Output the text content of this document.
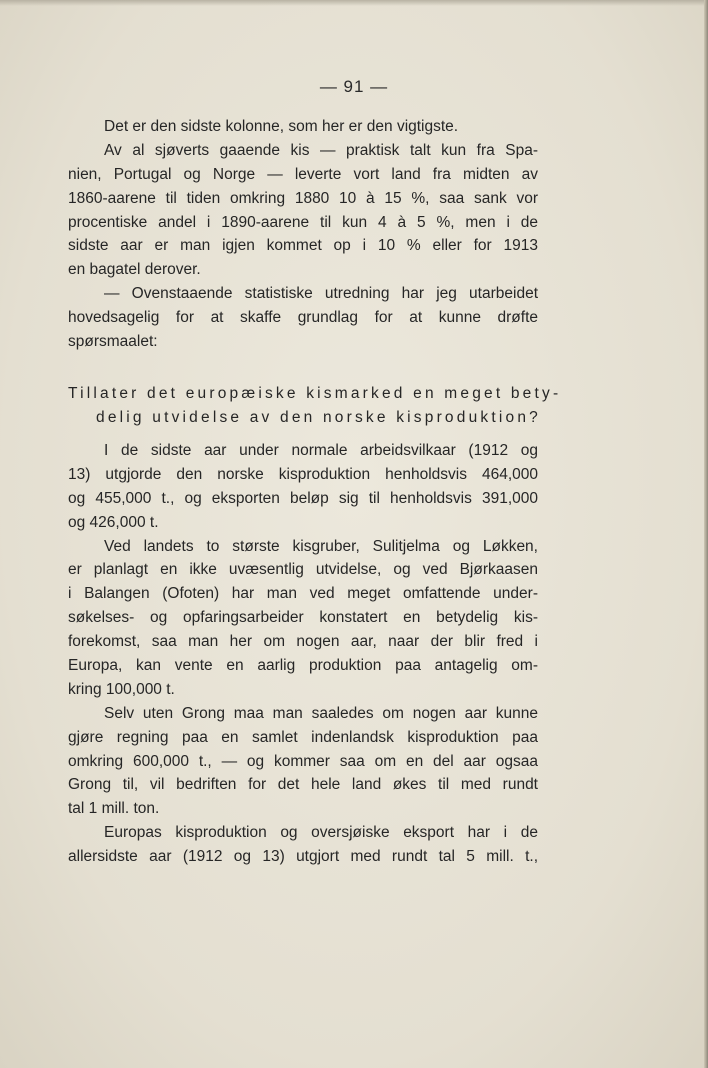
— 91 —
Det er den sidste kolonne, som her er den vigtigste.
Av al sjøverts gaaende kis — praktisk talt kun fra Spa-
nien, Portugal og Norge — leverte vort land fra midten av
1860-aarene til tiden omkring 1880 10 à 15 %, saa sank vor
procentiske andel i 1890-aarene til kun 4 à 5 %, men i de
sidste aar er man igjen kommet op i 10 % eller for 1913
en bagatel derover.
— Ovenstaaende statistiske utredning har jeg utarbeidet
hovedsagelig for at skaffe grundlag for at kunne drøfte
spørsmaalet:
Tillater det europæiske kismarked en meget bety-
delig utvidelse av den norske kisproduktion?
I de sidste aar under normale arbeidsvilkaar (1912 og
13) utgjorde den norske kisproduktion henholdsvis 464,000
og 455,000 t., og eksporten beløp sig til henholdsvis 391,000
og 426,000 t.
Ved landets to største kisgruber, Sulitjelma og Løkken,
er planlagt en ikke uvæsentlig utvidelse, og ved Bjørkaasen
i Balangen (Ofoten) har man ved meget omfattende under-
søkelses- og opfaringsarbeider konstatert en betydelig kis-
forekomst, saa man her om nogen aar, naar der blir fred i
Europa, kan vente en aarlig produktion paa antagelig om-
kring 100,000 t.
Selv uten Grong maa man saaledes om nogen aar kunne
gjøre regning paa en samlet indenlandsk kisproduktion paa
omkring 600,000 t., — og kommer saa om en del aar ogsaa
Grong til, vil bedriften for det hele land økes til med rundt
tal 1 mill. ton.
Europas kisproduktion og oversjøiske eksport har i de
allersidste aar (1912 og 13) utgjort med rundt tal 5 mill. t.,
